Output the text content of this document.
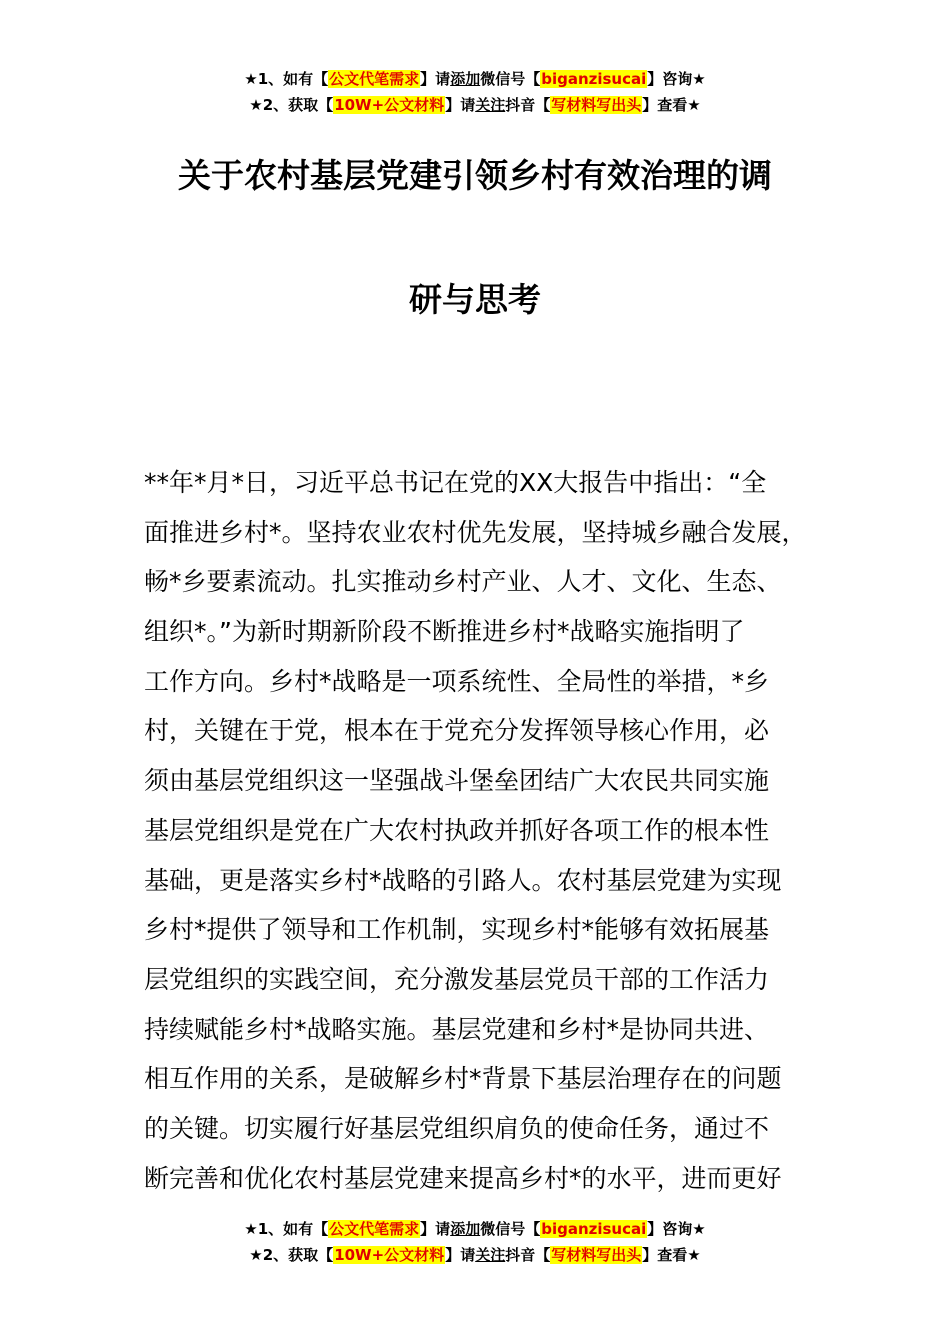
★1、如有【公文代笔需求】请添加微信号【biganzisucai】咨询★
★2、获取【10W+公文材料】请关注抖音【写材料写出头】查看★
关于农村基层党建引领乡村有效治理的调
研与思考
**年*月*日，习近平总书记在党的XX大报告中指出：“全
面推进乡村*。坚持农业农村优先发展，坚持城乡融合发展，
畅*乡要素流动。扎实推动乡村产业、人才、文化、生态、
组织*。”为新时期新阶段不断推进乡村*战略实施指明了
工作方向。乡村*战略是一项系统性、全局性的举措，*乡
村，关键在于党，根本在于党充分发挥领导核心作用，必
须由基层党组织这一坚强战斗堡垒团结广大农民共同实施
基层党组织是党在广大农村执政并抓好各项工作的根本性
基础，更是落实乡村*战略的引路人。农村基层党建为实现
乡村*提供了领导和工作机制，实现乡村*能够有效拓展基
层党组织的实践空间，充分激发基层党员干部的工作活力
持续赋能乡村*战略实施。基层党建和乡村*是协同共进、
相互作用的关系，是破解乡村*背景下基层治理存在的问题
的关键。切实履行好基层党组织肩负的使命任务，通过不
断完善和优化农村基层党建来提高乡村*的水平，进而更好
★1、如有【公文代笔需求】请添加微信号【biganzisucai】咨询★
★2、获取【10W+公文材料】请关注抖音【写材料写出头】查看★
